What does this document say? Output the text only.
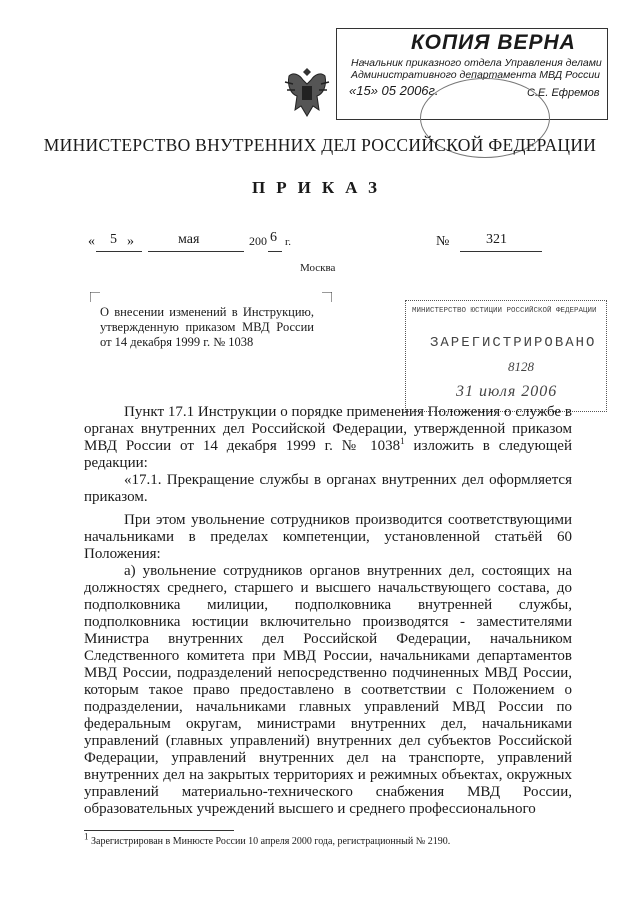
КОПИЯ ВЕРНА
Начальник приказного отдела Управления делами
Административного департамента МВД России
«15» 05 2006г.	С.Е. Ефремов
МИНИСТЕРСТВО ВНУТРЕННИХ ДЕЛ РОССИЙСКОЙ ФЕДЕРАЦИИ
ПРИКАЗ
« 5 »	мая	200 6 г.	№	321
Москва
О внесении изменений в Инструкцию, утвержденную приказом МВД России от 14 декабря 1999 г. № 1038
МИНИСТЕРСТВО ЮСТИЦИИ РОССИЙСКОЙ ФЕДЕРАЦИИ
ЗАРЕГИСТРИРОВАНО
8128
31 июля 2006

Пункт 17.1 Инструкции о порядке применения Положения о службе в органах внутренних дел Российской Федерации, утвержденной приказом МВД России от 14 декабря 1999 г. № 1038$^1$ изложить в следующей редакции:

«17.1. Прекращение службы в органах внутренних дел оформляется приказом.

При этом увольнение сотрудников производится соответствующими начальниками в пределах компетенции, установленной статьёй 60 Положения:

а) увольнение сотрудников органов внутренних дел, состоящих на должностях среднего, старшего и высшего начальствующего состава, до подполковника милиции, подполковника внутренней службы, подполковника юстиции включительно производятся - заместителями Министра внутренних дел Российской Федерации, начальником Следственного комитета при МВД России, начальниками департаментов МВД России, подразделений непосредственно подчиненных МВД России, которым такое право предоставлено в соответствии с Положением о подразделении, начальниками главных управлений МВД России по федеральным округам, министрами внутренних дел, начальниками управлений (главных управлений) внутренних дел субъектов Российской Федерации, управлений внутренних дел на транспорте, управлений внутренних дел на закрытых территориях и режимных объектах, окружных управлений материально-технического снабжения МВД России, образовательных учреждений высшего и среднего профессионального

$^1$ Зарегистрирован в Минюсте России 10 апреля 2000 года, регистрационный № 2190.
